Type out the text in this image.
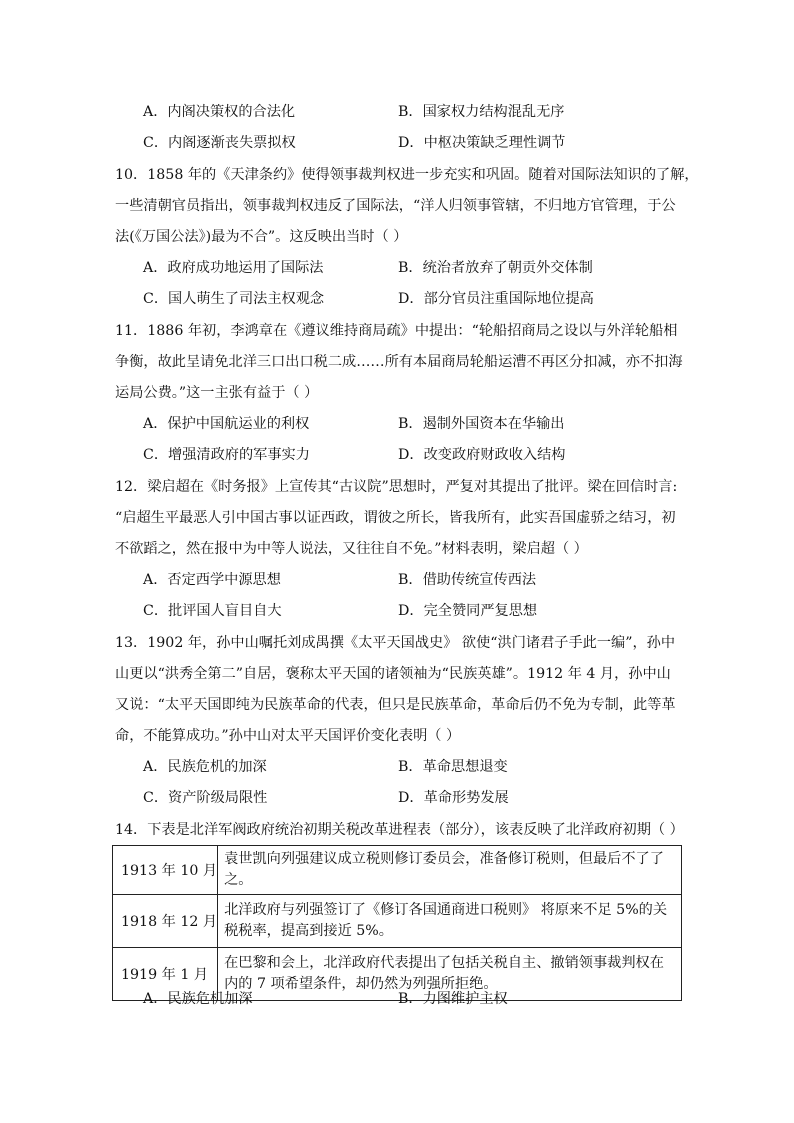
A．内阁决策权的合法化	B．国家权力结构混乱无序
C．内阁逐渐丧失票拟权	D．中枢决策缺乏理性调节
10．1858 年的《天津条约》使得领事裁判权进一步充实和巩固。随着对国际法知识的了解，
一些清朝官员指出，领事裁判权违反了国际法，“洋人归领事管辖，不归地方官管理，于公
法(《万国公法》)最为不合”。这反映出当时（ ）
A．政府成功地运用了国际法	B．统治者放弃了朝贡外交体制
C．国人萌生了司法主权观念	D．部分官员注重国际地位提高
11．1886 年初，李鸿章在《遵议维持商局疏》中提出：“轮船招商局之设以与外洋轮船相
争衡，故此呈请免北洋三口出口税二成……所有本届商局轮船运漕不再区分扣减，亦不扣海
运局公费。”这一主张有益于（ ）
A．保护中国航运业的利权	B．遏制外国资本在华输出
C．增强清政府的军事实力	D．改变政府财政收入结构
12．梁启超在《时务报》上宣传其“古议院”思想时，严复对其提出了批评。梁在回信时言:
“启超生平最恶人引中国古事以证西政，谓彼之所长，皆我所有，此实吾国虚骄之结习，初
不欲蹈之，然在报中为中等人说法，又往往自不免。”材料表明，梁启超（ ）
A．否定西学中源思想	B．借助传统宣传西法
C．批评国人盲目自大	D．完全赞同严复思想
13．1902 年，孙中山嘱托刘成禺撰《太平天国战史》 欲使“洪门诸君子手此一编”，孙中
山更以“洪秀全第二”自居，褒称太平天国的诸领袖为“民族英雄”。1912 年 4 月，孙中山
又说：“太平天国即纯为民族革命的代表，但只是民族革命，革命后仍不免为专制，此等革
命，不能算成功。”孙中山对太平天国评价变化表明（ ）
A．民族危机的加深	B．革命思想退变
C．资产阶级局限性	D．革命形势发展
14．下表是北洋军阀政府统治初期关税改革进程表（部分），该表反映了北洋政府初期（ ）
1913 年 10 月	袁世凯向列强建议成立税则修订委员会，准备修订税则，但最后不了了之。
1918 年 12 月	北洋政府与列强签订了《修订各国通商进口税则》 将原来不足 5%的关税税率，提高到接近 5%。
1919 年 1 月	在巴黎和会上，北洋政府代表提出了包括关税自主、撤销领事裁判权在内的 7 项希望条件，却仍然为列强所拒绝。
A．民族危机加深	B．力图维护主权
